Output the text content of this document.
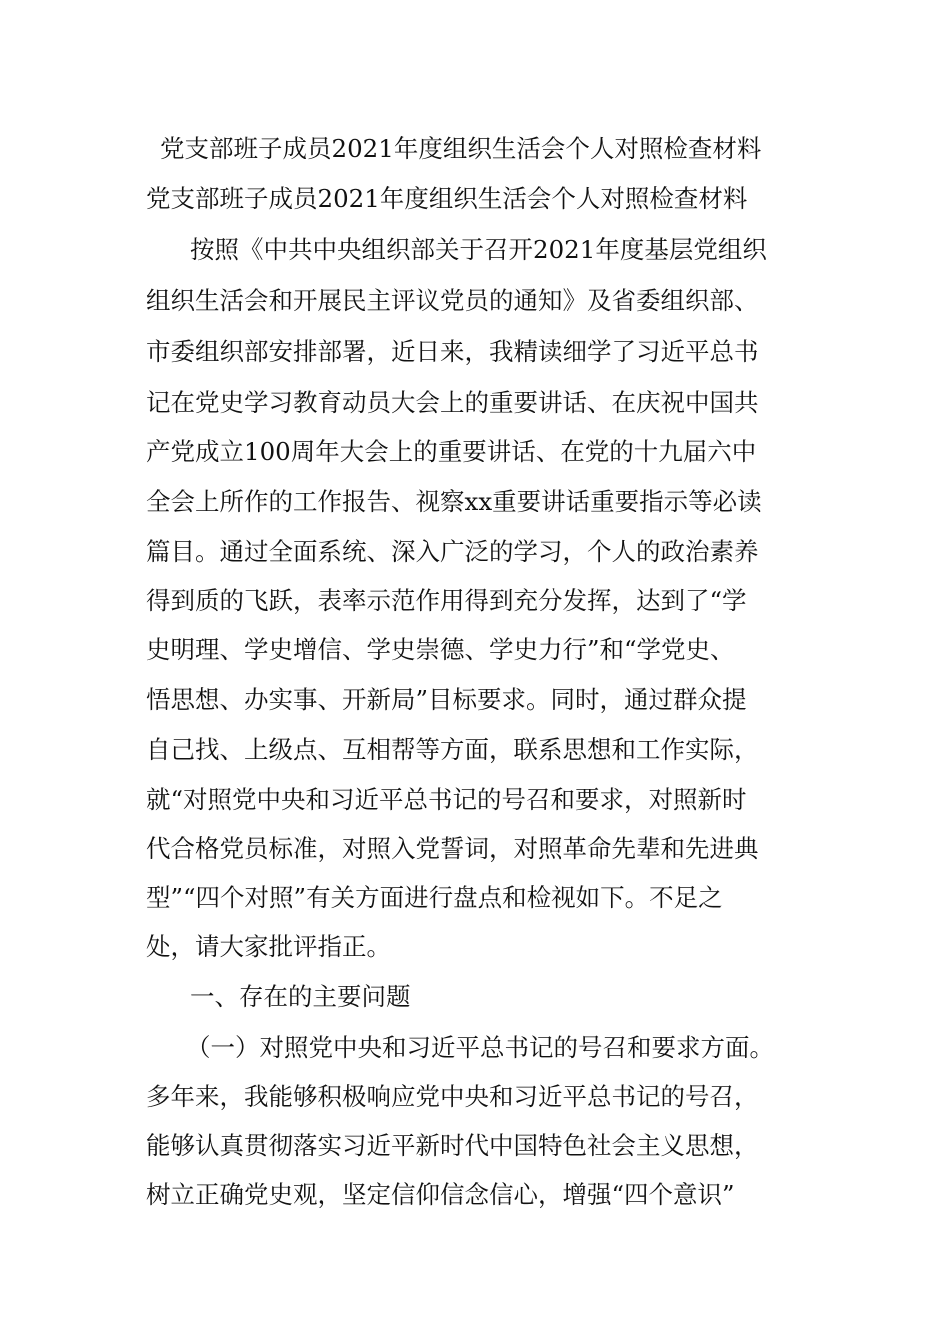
党支部班子成员2021年度组织生活会个人对照检查材料
党支部班子成员2021年度组织生活会个人对照检查材料
按照《中共中央组织部关于召开2021年度基层党组织
组织生活会和开展民主评议党员的通知》及省委组织部、
市委组织部安排部署，近日来，我精读细学了习近平总书
记在党史学习教育动员大会上的重要讲话、在庆祝中国共
产党成立100周年大会上的重要讲话、在党的十九届六中
全会上所作的工作报告、视察xx重要讲话重要指示等必读
篇目。通过全面系统、深入广泛的学习，个人的政治素养
得到质的飞跃，表率示范作用得到充分发挥，达到了“学
史明理、学史增信、学史崇德、学史力行”和“学党史、
悟思想、办实事、开新局”目标要求。同时，通过群众提
自己找、上级点、互相帮等方面，联系思想和工作实际，
就“对照党中央和习近平总书记的号召和要求，对照新时
代合格党员标准，对照入党誓词，对照革命先辈和先进典
型”“四个对照”有关方面进行盘点和检视如下。不足之
处，请大家批评指正。
一、存在的主要问题
（一）对照党中央和习近平总书记的号召和要求方面。
多年来，我能够积极响应党中央和习近平总书记的号召，
能够认真贯彻落实习近平新时代中国特色社会主义思想，
树立正确党史观，坚定信仰信念信心，增强“四个意识”
